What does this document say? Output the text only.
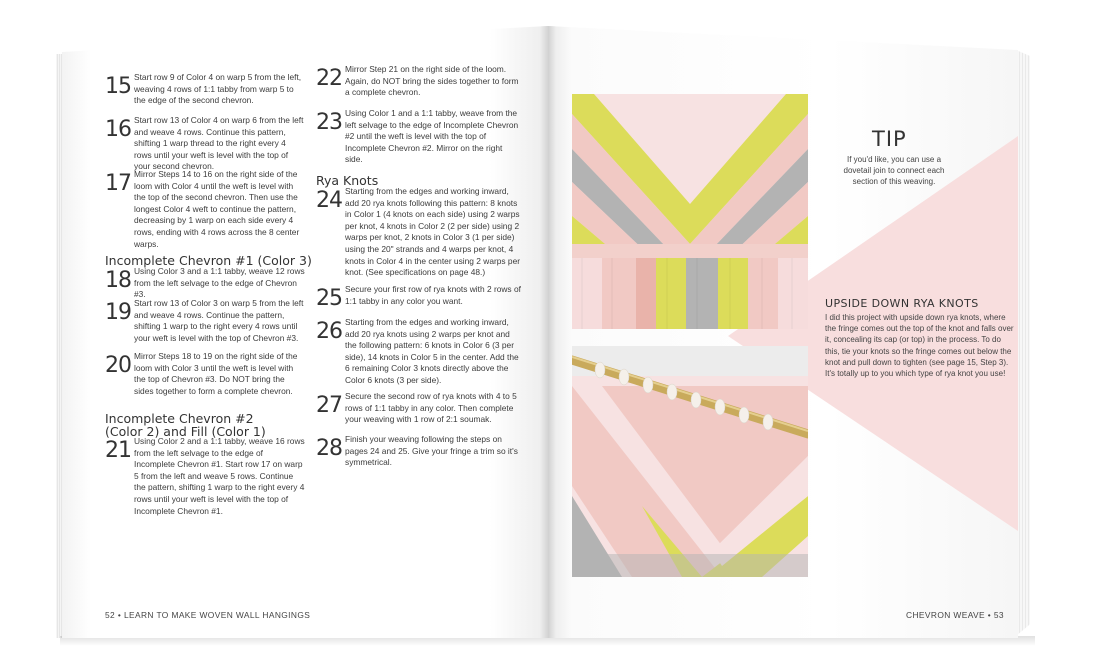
15 Start row 9 of Color 4 on warp 5 from the left, weaving 4 rows of 1:1 tabby from warp 5 to the edge of the second chevron.
16 Start row 13 of Color 4 on warp 6 from the left and weave 4 rows. Continue this pattern, shifting 1 warp thread to the right every 4 rows until your weft is level with the top of your second chevron.
17 Mirror Steps 14 to 16 on the right side of the loom with Color 4 until the weft is level with the top of the second chevron. Then use the longest Color 4 weft to continue the pattern, decreasing by 1 warp on each side every 4 rows, ending with 4 rows across the 8 center warps.
Incomplete Chevron #1 (Color 3)
18 Using Color 3 and a 1:1 tabby, weave 12 rows from the left selvage to the edge of Chevron #3.
19 Start row 13 of Color 3 on warp 5 from the left and weave 4 rows. Continue the pattern, shifting 1 warp to the right every 4 rows until your weft is level with the top of Chevron #3.
20 Mirror Steps 18 to 19 on the right side of the loom with Color 3 until the weft is level with the top of Chevron #3. Do NOT bring the sides together to form a complete chevron.
Incomplete Chevron #2
(Color 2) and Fill (Color 1)
21 Using Color 2 and a 1:1 tabby, weave 16 rows from the left selvage to the edge of Incomplete Chevron #1. Start row 17 on warp 5 from the left and weave 5 rows. Continue the pattern, shifting 1 warp to the right every 4 rows until your weft is level with the top of Incomplete Chevron #1.
22 Mirror Step 21 on the right side of the loom. Again, do NOT bring the sides together to form a complete chevron.
23 Using Color 1 and a 1:1 tabby, weave from the left selvage to the edge of Incomplete Chevron #2 until the weft is level with the top of Incomplete Chevron #2. Mirror on the right side.
Rya Knots
24 Starting from the edges and working inward, add 20 rya knots following this pattern: 8 knots in Color 1 (4 knots on each side) using 2 warps per knot, 4 knots in Color 2 (2 per side) using 2 warps per knot, 2 knots in Color 3 (1 per side) using the 20" strands and 4 warps per knot, 4 knots in Color 4 in the center using 2 warps per knot. (See specifications on page 48.)
25 Secure your first row of rya knots with 2 rows of 1:1 tabby in any color you want.
26 Starting from the edges and working inward, add 20 rya knots using 2 warps per knot and the following pattern: 6 knots in Color 6 (3 per side), 14 knots in Color 5 in the center. Add the 6 remaining Color 3 knots directly above the Color 6 knots (3 per side).
27 Secure the second row of rya knots with 4 to 5 rows of 1:1 tabby in any color. Then complete your weaving with 1 row of 2:1 soumak.
28 Finish your weaving following the steps on pages 24 and 25. Give your fringe a trim so it's symmetrical.
52 • LEARN TO MAKE WOVEN WALL HANGINGS
TIP
If you'd like, you can use a dovetail join to connect each section of this weaving.
UPSIDE DOWN RYA KNOTS
I did this project with upside down rya knots, where the fringe comes out the top of the knot and falls over it, concealing its cap (or top) in the process. To do this, tie your knots so the fringe comes out below the knot and pull down to tighten (see page 15, Step 3). It's totally up to you which type of rya knot you use!
CHEVRON WEAVE • 53
